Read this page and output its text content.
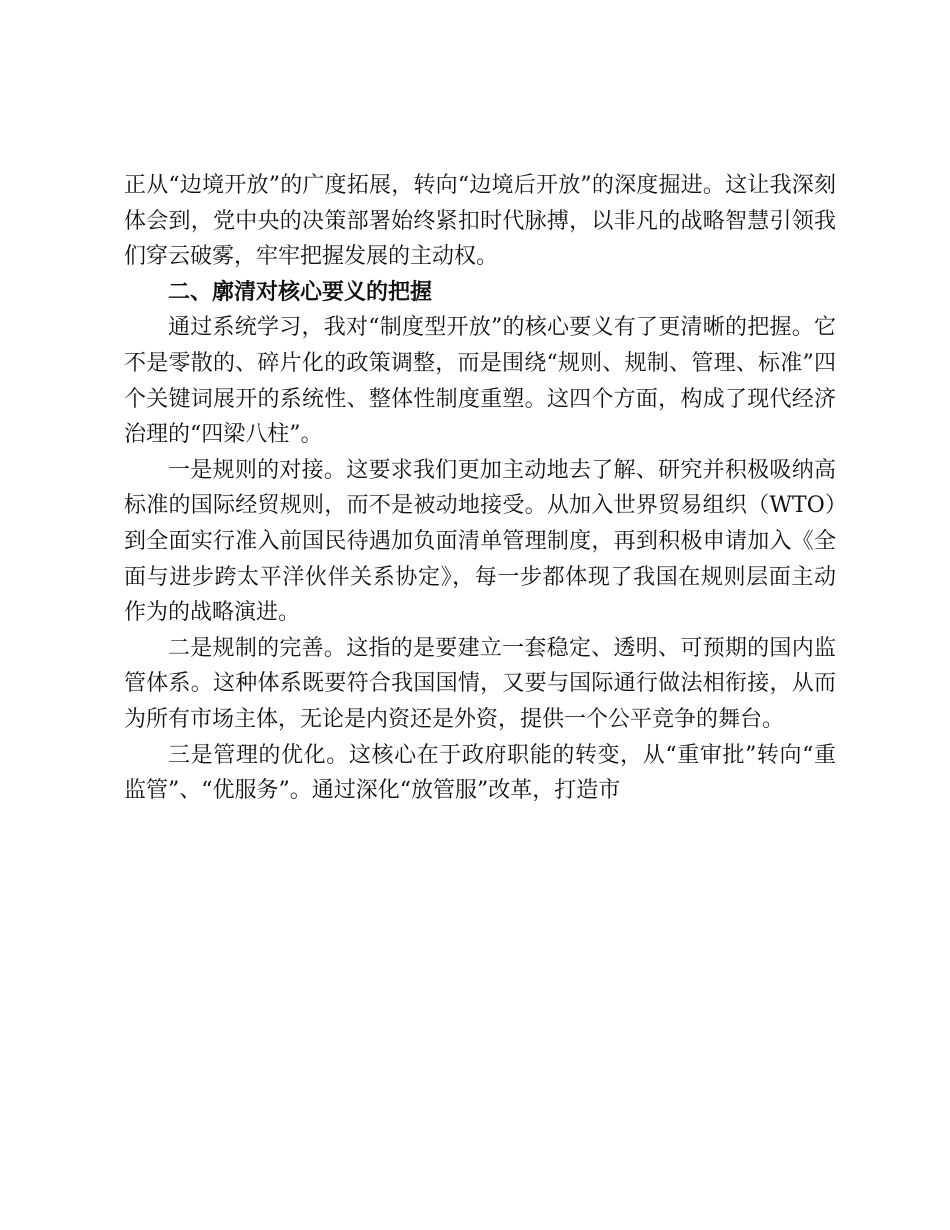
正从“边境开放”的广度拓展，转向“边境后开放”的深度掘进。这让我深刻体会到，党中央的决策部署始终紧扣时代脉搏，以非凡的战略智慧引领我们穿云破雾，牢牢把握发展的主动权。

二、廓清对核心要义的把握

通过系统学习，我对“制度型开放”的核心要义有了更清晰的把握。它不是零散的、碎片化的政策调整，而是围绕“规则、规制、管理、标准”四个关键词展开的系统性、整体性制度重塑。这四个方面，构成了现代经济治理的“四梁八柱”。

一是规则的对接。这要求我们更加主动地去了解、研究并积极吸纳高标准的国际经贸规则，而不是被动地接受。从加入世界贸易组织（WTO）到全面实行准入前国民待遇加负面清单管理制度，再到积极申请加入《全面与进步跨太平洋伙伴关系协定》，每一步都体现了我国在规则层面主动作为的战略演进。

二是规制的完善。这指的是要建立一套稳定、透明、可预期的国内监管体系。这种体系既要符合我国国情，又要与国际通行做法相衔接，从而为所有市场主体，无论是内资还是外资，提供一个公平竞争的舞台。

三是管理的优化。这核心在于政府职能的转变，从“重审批”转向“重监管”、“优服务”。通过深化“放管服”改革，打造市
